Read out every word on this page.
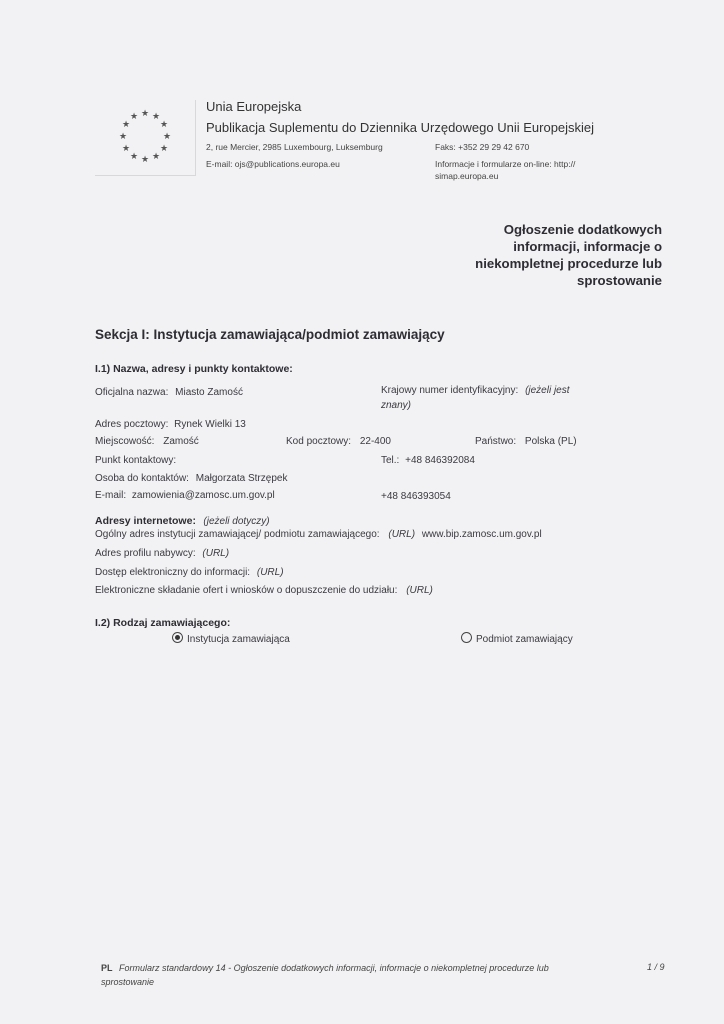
★ ★
★
★
★
★
★
★
★
★
★
★
Unia Europejska
Publikacja Suplementu do Dziennika Urzędowego Unii Europejskiej
2, rue Mercier, 2985 Luxembourg, Luksemburg	Faks: +352 29 29 42 670
E-mail: ojs@publications.europa.eu	Informacje i formularze on-line: http://
simap.europa.eu
Ogłoszenie dodatkowych
informacji, informacje o
niekompletnej procedurze lub
sprostowanie
Sekcja I: Instytucja zamawiająca/podmiot zamawiający
I.1) Nazwa, adresy i punkty kontaktowe:
Oficjalna nazwa: Miasto Zamość	Krajowy numer identyfikacyjny: (jeżeli jest
znany)
Adres pocztowy: Rynek Wielki 13
Miejscowość: Zamość	Kod pocztowy: 22-400	Państwo: Polska (PL)
Punkt kontaktowy:	Tel.: +48 846392084
Osoba do kontaktów: Małgorzata Strzępek
E-mail: zamowienia@zamosc.um.gov.pl	+48 846393054
Adresy internetowe: (jeżeli dotyczy)
Ogólny adres instytucji zamawiającej/ podmiotu zamawiającego: (URL) www.bip.zamosc.um.gov.pl
Adres profilu nabywcy: (URL)
Dostęp elektroniczny do informacji: (URL)
Elektroniczne składanie ofert i wniosków o dopuszczenie do udziału: (URL)
I.2) Rodzaj zamawiającego:
Instytucja zamawiająca	Podmiot zamawiający
PL Formularz standardowy 14 - Ogłoszenie dodatkowych informacji, informacje o niekompletnej procedurze lub
sprostowanie
1 / 9
